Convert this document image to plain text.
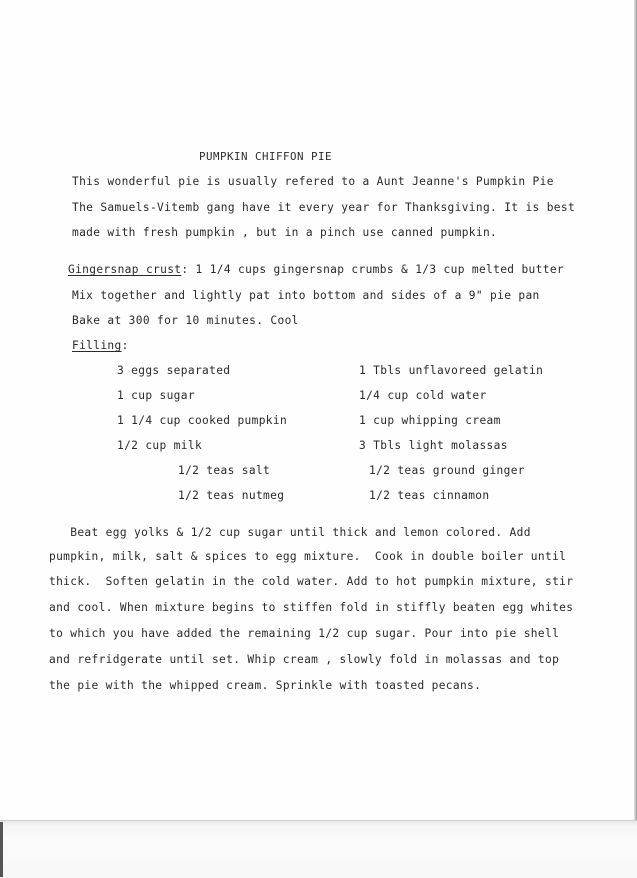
PUMPKIN CHIFFON PIE
This wonderful pie is usually refered to a Aunt Jeanne's Pumpkin Pie
The Samuels-Vitemb gang have it every year for Thanksgiving. It is best
made with fresh pumpkin , but in a pinch use canned pumpkin.
Gingersnap crust: 1 1/4 cups gingersnap crumbs & 1/3 cup melted butter
Mix together and lightly pat into bottom and sides of a 9" pie pan
Bake at 300 for 10 minutes. Cool
Filling:
3 eggs separated
1 cup sugar
1 1/4 cup cooked pumpkin
1/2 cup milk
1/2 teas salt
1/2 teas nutmeg
1 Tbls unflavoreed gelatin
1/4 cup cold water
1 cup whipping cream
3 Tbls light molassas
1/2 teas ground ginger
1/2 teas cinnamon
Beat egg yolks & 1/2 cup sugar until thick and lemon colored. Add
pumpkin, milk, salt & spices to egg mixture.  Cook in double boiler until
thick.  Soften gelatin in the cold water. Add to hot pumpkin mixture, stir
and cool. When mixture begins to stiffen fold in stiffly beaten egg whites
to which you have added the remaining 1/2 cup sugar. Pour into pie shell
and refridgerate until set. Whip cream , slowly fold in molassas and top
the pie with the whipped cream. Sprinkle with toasted pecans.
